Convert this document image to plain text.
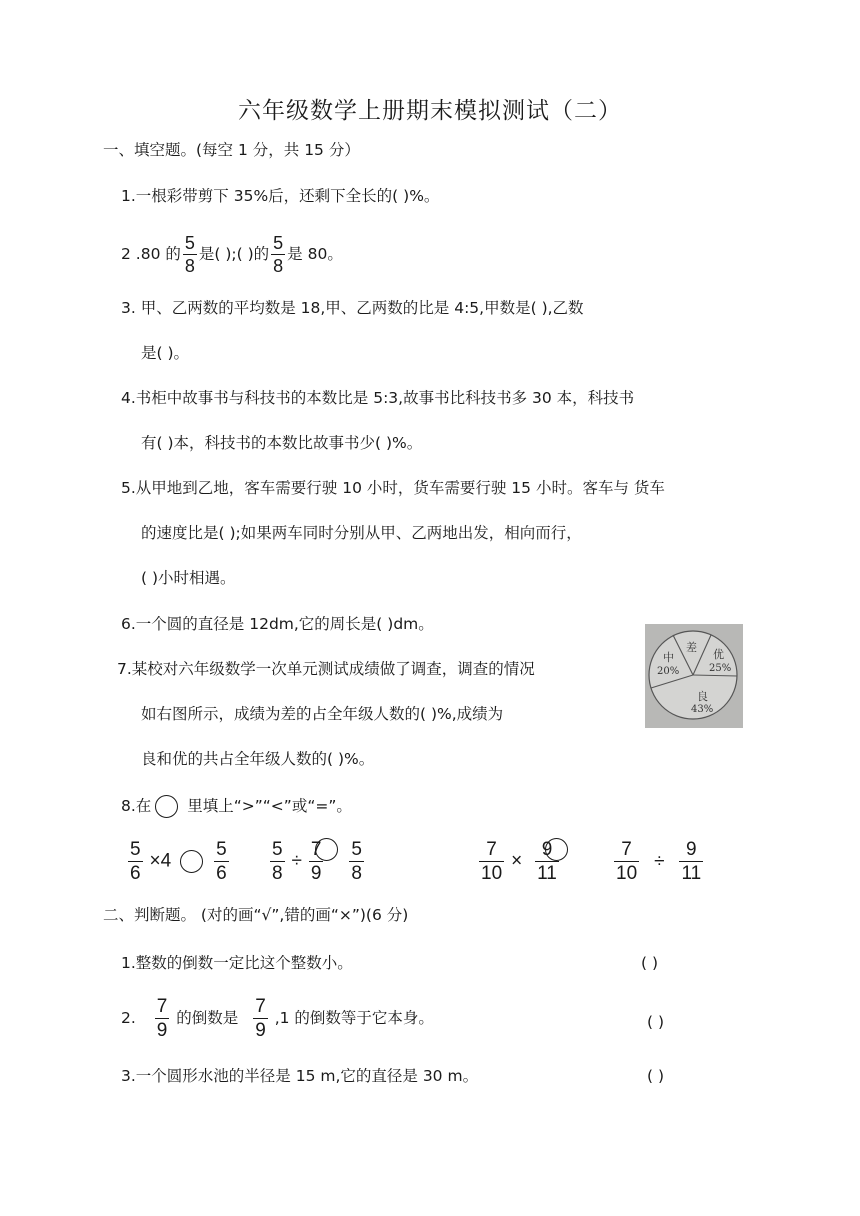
六年级数学上册期末模拟测试（二）
一、填空题。(每空 1 分，共 15 分）
1.一根彩带剪下 35%后，还剩下全长的( )%。
2 .80 的 $\frac{5}{8}$ 是( );( )的 $\frac{5}{8}$ 是 80。
3. 甲、乙两数的平均数是 18,甲、乙两数的比是 4:5,甲数是( ),乙数
是( )。
4.书柜中故事书与科技书的本数比是 5:3,故事书比科技书多 30 本，科技书
有( )本，科技书的本数比故事书少( )%。
5.从甲地到乙地，客车需要行驶 10 小时，货车需要行驶 15 小时。客车与 货车
的速度比是( );如果两车同时分别从甲、乙两地出发，相向而行，
( )小时相遇。
6.一个圆的直径是 12dm,它的周长是( )dm。
7.某校对六年级数学一次单元测试成绩做了调查，调查的情况
如右图所示，成绩为差的占全年级人数的( )%,成绩为
良和优的共占全年级人数的( )%。
差
优
25%
良
43%
中
20%
8.在 里填上“>”“<”或“=”。
$\frac{5}{6} \times 4 \frac{5}{6} \frac{5}{8} \div \frac{7}{9}$
$\frac{5}{8}$	$\frac{7}{10} \times \frac{9}{11}$	$\frac{7}{10} \div \frac{9}{11}$
二、判断题。 (对的画“√”,错的画“×”)(6 分)
1.整数的倒数一定比这个整数小。	( )
2. $\frac{7}{9}$ 的倒数是 $\frac{7}{9} ,1$ 的倒数等于它本身。	( )
3.一个圆形水池的半径是 15 m,它的直径是 30 m。	( )
